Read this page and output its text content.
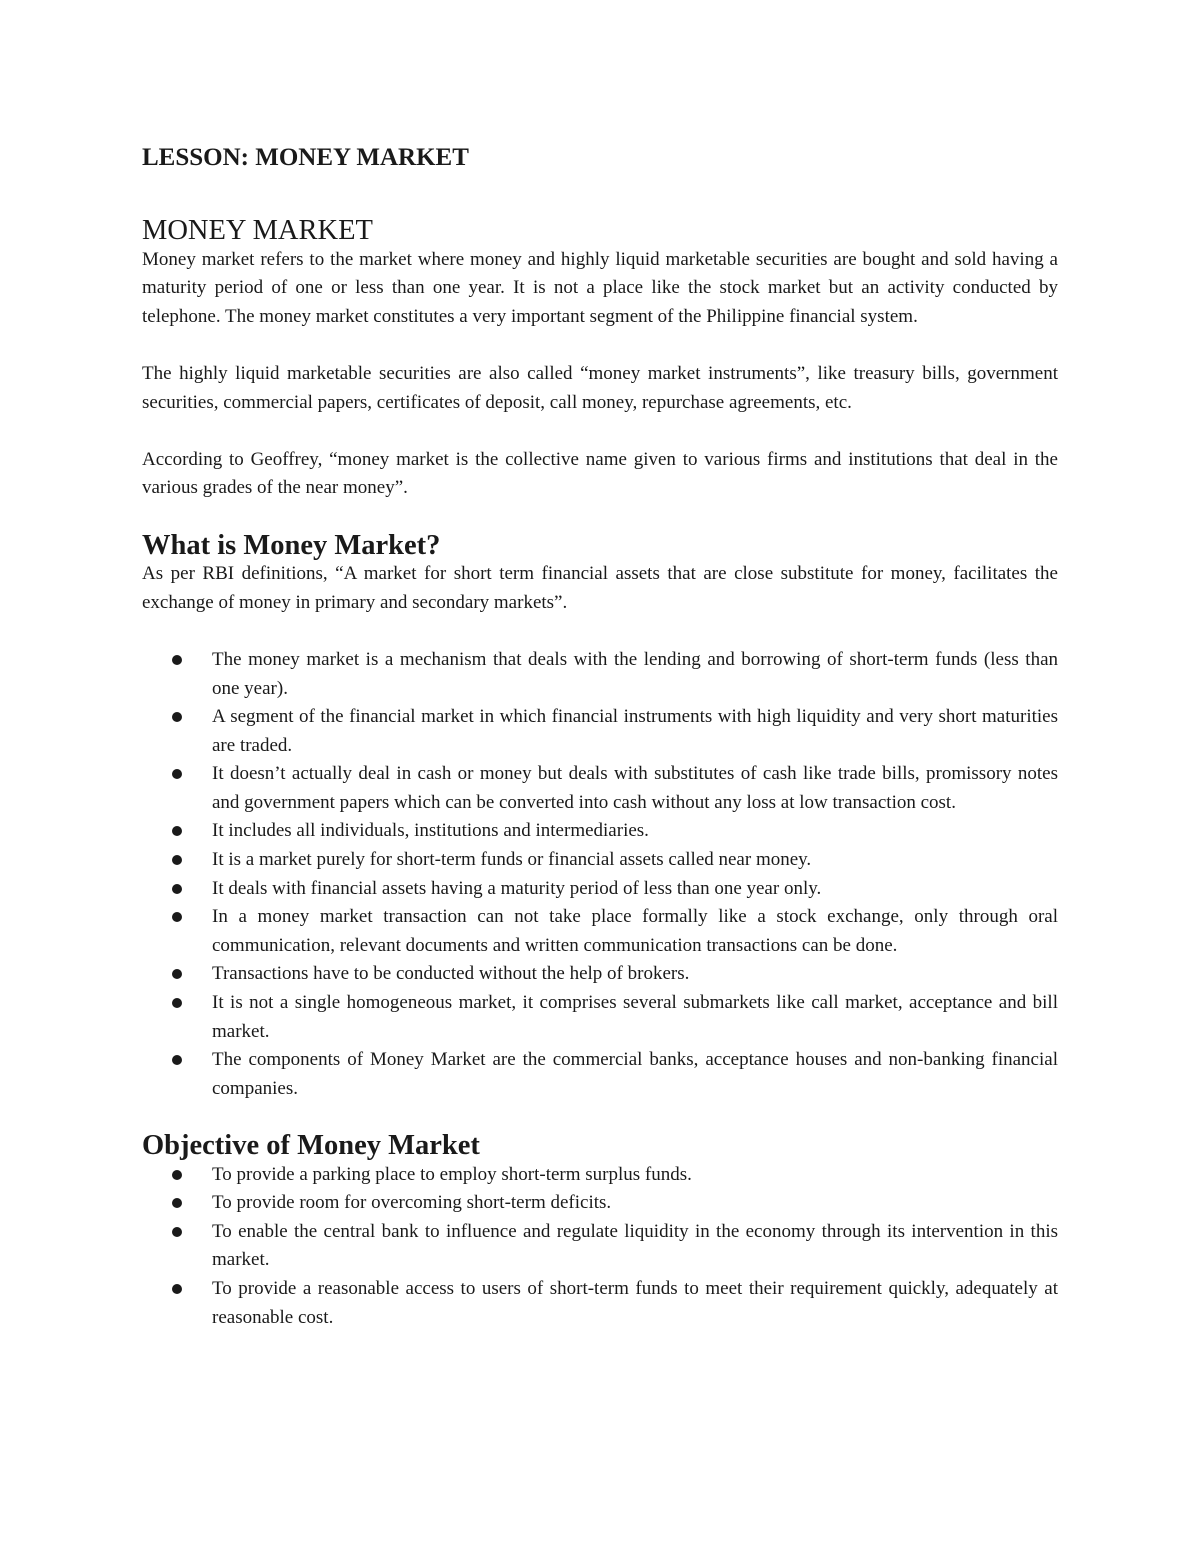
LESSON: MONEY MARKET
MONEY MARKET

Money market refers to the market where money and highly liquid marketable securities are bought and sold having a maturity period of one or less than one year. It is not a place like the stock market but an activity conducted by telephone. The money market constitutes a very important segment of the Philippine financial system.

The highly liquid marketable securities are also called “money market instruments”, like treasury bills, government securities, commercial papers, certificates of deposit, call money, repurchase agreements, etc.

According to Geoffrey, “money market is the collective name given to various firms and institutions that deal in the various grades of the near money”.

What is Money Market?

As per RBI definitions, “A market for short term financial assets that are close substitute for money, facilitates the exchange of money in primary and secondary markets”.

The money market is a mechanism that deals with the lending and borrowing of short-term funds (less than one year).
A segment of the financial market in which financial instruments with high liquidity and very short maturities are traded.
It doesn’t actually deal in cash or money but deals with substitutes of cash like trade bills, promissory notes and government papers which can be converted into cash without any loss at low transaction cost.
It includes all individuals, institutions and intermediaries.
It is a market purely for short-term funds or financial assets called near money.
It deals with financial assets having a maturity period of less than one year only.
In a money market transaction can not take place formally like a stock exchange, only through oral communication, relevant documents and written communication transactions can be done.
Transactions have to be conducted without the help of brokers.
It is not a single homogeneous market, it comprises several submarkets like call market, acceptance and bill market.
The components of Money Market are the commercial banks, acceptance houses and non-banking financial companies.
Objective of Money Market
To provide a parking place to employ short-term surplus funds.
To provide room for overcoming short-term deficits.
To enable the central bank to influence and regulate liquidity in the economy through its intervention in this market.
To provide a reasonable access to users of short-term funds to meet their requirement quickly, adequately at reasonable cost.
